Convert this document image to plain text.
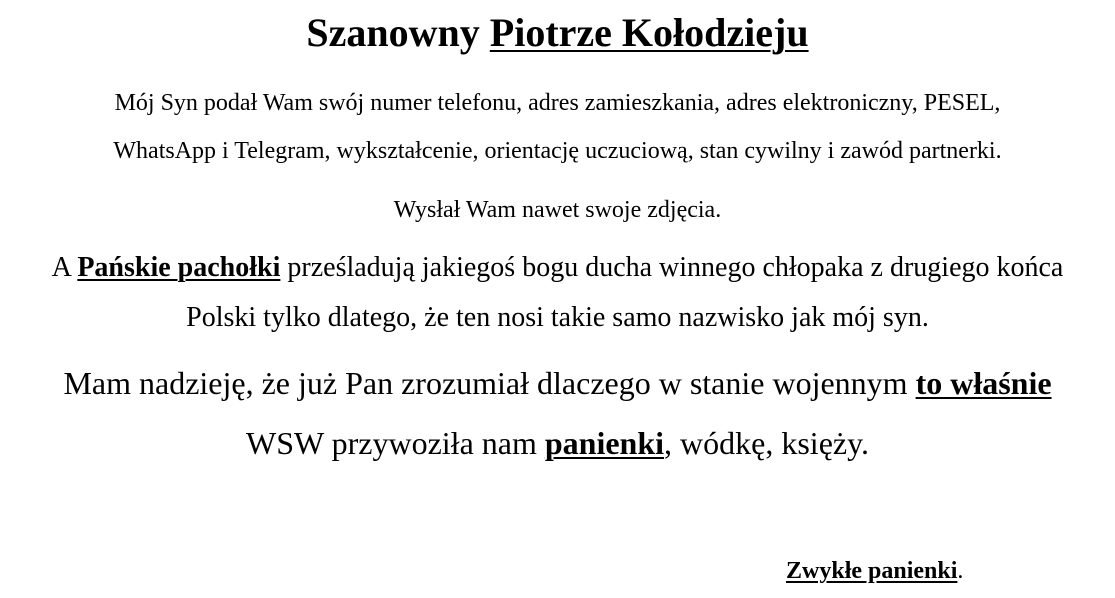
Szanowny Piotrze Kołodzieju

Mój Syn podał Wam swój numer telefonu, adres zamieszkania, adres elektroniczny, PESEL,
WhatsApp i Telegram, wykształcenie, orientację uczuciową, stan cywilny i zawód partnerki.

Wysłał Wam nawet swoje zdjęcia.

A Pańskie pachołki prześladują jakiegoś bogu ducha winnego chłopaka z drugiego końca
Polski tylko dlatego, że ten nosi takie samo nazwisko jak mój syn.

Mam nadzieję, że już Pan zrozumiał dlaczego w stanie wojennym to właśnie
WSW przywoziła nam panienki, wódkę, księży.

Zwykłe panienki.
